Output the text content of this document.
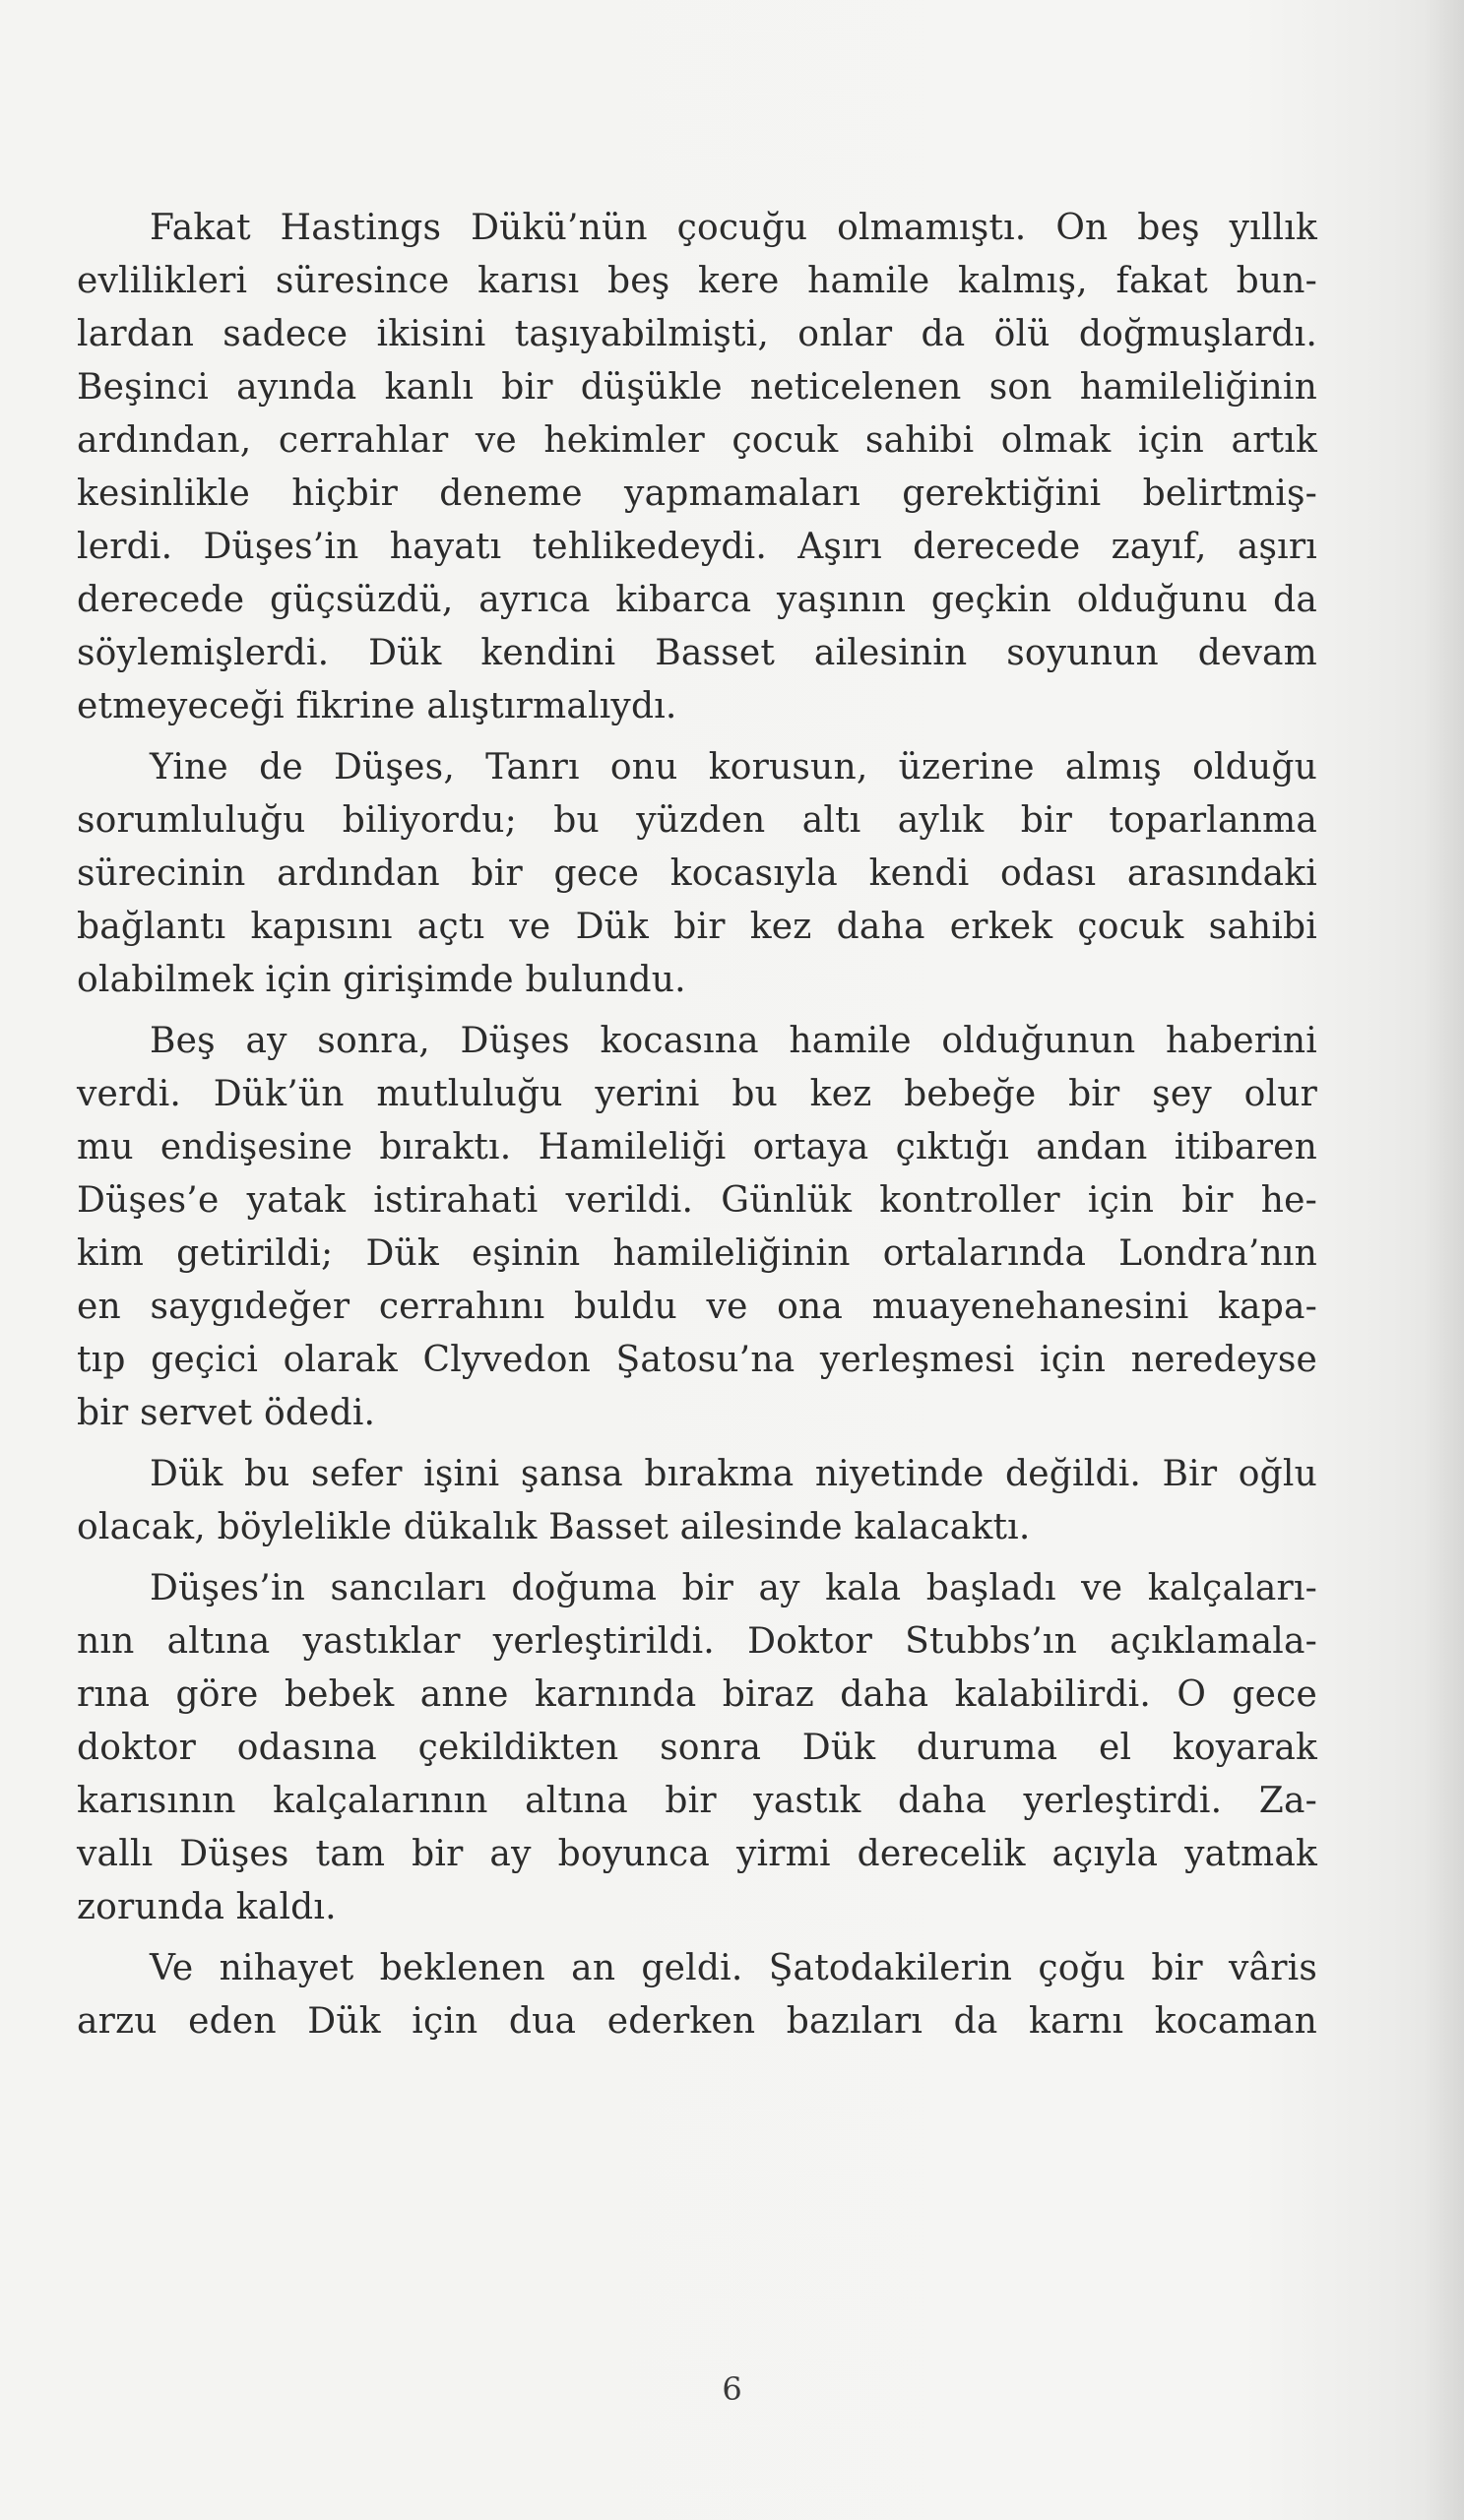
Fakat Hastings Dükü’nün çocuğu olmamıştı. On beş yıllık
evlilikleri süresince karısı beş kere hamile kalmış, fakat bun-
lardan sadece ikisini taşıyabilmişti, onlar da ölü doğmuşlardı.
Beşinci ayında kanlı bir düşükle neticelenen son hamileliğinin
ardından, cerrahlar ve hekimler çocuk sahibi olmak için artık
kesinlikle hiçbir deneme yapmamaları gerektiğini belirtmiş-
lerdi. Düşes’in hayatı tehlikedeydi. Aşırı derecede zayıf, aşırı
derecede güçsüzdü, ayrıca kibarca yaşının geçkin olduğunu da
söylemişlerdi. Dük kendini Basset ailesinin soyunun devam
etmeyeceği fikrine alıştırmalıydı.

Yine de Düşes, Tanrı onu korusun, üzerine almış olduğu
sorumluluğu biliyordu; bu yüzden altı aylık bir toparlanma
sürecinin ardından bir gece kocasıyla kendi odası arasındaki
bağlantı kapısını açtı ve Dük bir kez daha erkek çocuk sahibi
olabilmek için girişimde bulundu.

Beş ay sonra, Düşes kocasına hamile olduğunun haberini
verdi. Dük’ün mutluluğu yerini bu kez bebeğe bir şey olur
mu endişesine bıraktı. Hamileliği ortaya çıktığı andan itibaren
Düşes’e yatak istirahati verildi. Günlük kontroller için bir he-
kim getirildi; Dük eşinin hamileliğinin ortalarında Londra’nın
en saygıdeğer cerrahını buldu ve ona muayenehanesini kapa-
tıp geçici olarak Clyvedon Şatosu’na yerleşmesi için neredeyse
bir servet ödedi.

Dük bu sefer işini şansa bırakma niyetinde değildi. Bir oğlu
olacak, böylelikle dükalık Basset ailesinde kalacaktı.

Düşes’in sancıları doğuma bir ay kala başladı ve kalçaları-
nın altına yastıklar yerleştirildi. Doktor Stubbs’ın açıklamala-
rına göre bebek anne karnında biraz daha kalabilirdi. O gece
doktor odasına çekildikten sonra Dük duruma el koyarak
karısının kalçalarının altına bir yastık daha yerleştirdi. Za-
vallı Düşes tam bir ay boyunca yirmi derecelik açıyla yatmak
zorunda kaldı.

Ve nihayet beklenen an geldi. Şatodakilerin çoğu bir vâris
arzu eden Dük için dua ederken bazıları da karnı kocaman

6
